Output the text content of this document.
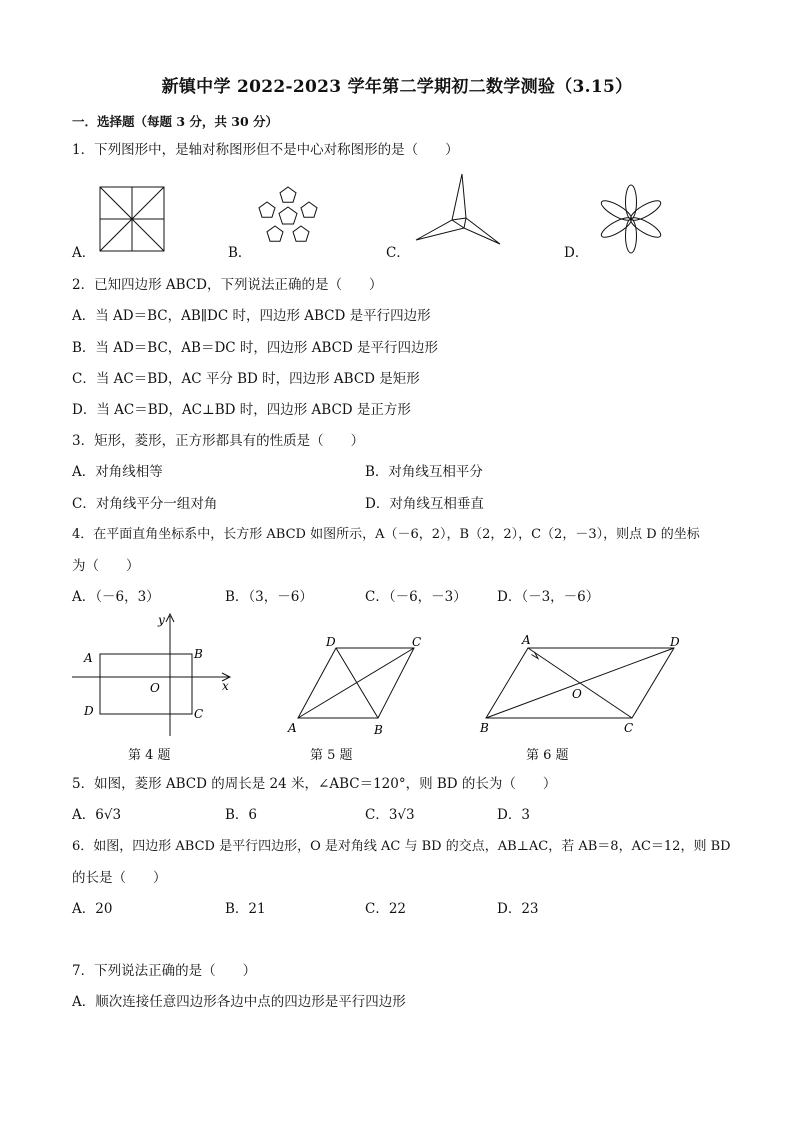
新镇中学 2022-2023 学年第二学期初二数学测验（3.15）
一．选择题（每题 3 分，共 30 分）
1．下列图形中，是轴对称图形但不是中心对称图形的是（　　）
A．	B．	C．	D．
2．已知四边形 ABCD，下列说法正确的是（　　）
A．当 AD＝BC，AB∥DC 时，四边形 ABCD 是平行四边形
B．当 AD＝BC，AB＝DC 时，四边形 ABCD 是平行四边形
C．当 AC＝BD，AC 平分 BD 时，四边形 ABCD 是矩形
D．当 AC＝BD，AC⊥BD 时，四边形 ABCD 是正方形
3．矩形，菱形，正方形都具有的性质是（　　）
A．对角线相等	B．对角线互相平分
C．对角线平分一组对角	D．对角线互相垂直
4．在平面直角坐标系中，长方形 ABCD 如图所示，A（－6，2），B（2，2），C（2，－3），则点 D 的坐标
为（　　）
A．（－6，3）	B．（3，－6）	C．（－6，－3） D．（－3，－6）
y
x
A	B
C
D
O
第 4 题
D	C
A	B
第 5 题
A	D
B	C
O
第 6 题
5．如图，菱形 ABCD 的周长是 24 米，∠ABC＝120°，则 BD 的长为（　　）
A．6√3	B．6	C．3√3	D．3
6．如图，四边形 ABCD 是平行四边形，O 是对角线 AC 与 BD 的交点，AB⊥AC，若 AB＝8，AC＝12，则 BD
的长是（　　）
A．20	B．21	C．22	D．23
7．下列说法正确的是（　　）
A．顺次连接任意四边形各边中点的四边形是平行四边形
